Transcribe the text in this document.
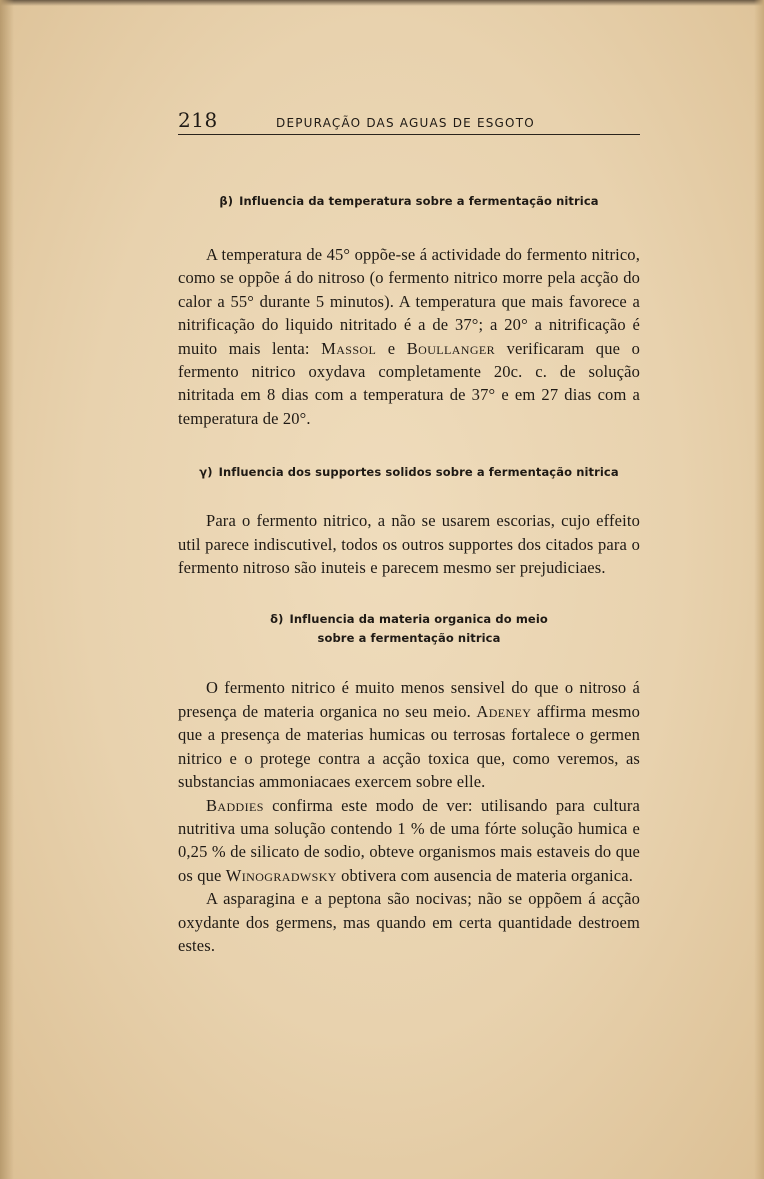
218	DEPURAÇÃO DAS AGUAS DE ESGOTO
β) Influencia da temperatura sobre a fermentação nitrica

A temperatura de 45° oppõe-se á actividade do fermento nitrico, como se oppõe á do nitroso (o fermento nitrico morre pela acção do calor a 55° durante 5 minutos). A temperatura que mais favorece a nitrificação do liquido nitritado é a de 37°; a 20° a nitrificação é muito mais lenta: Massol e Boullanger verificaram que o fermento nitrico oxydava completamente 20c. c. de solução nitritada em 8 dias com a temperatura de 37° e em 27 dias com a temperatura de 20°.

γ) Influencia dos supportes solidos sobre a fermentação nitrica

Para o fermento nitrico, a não se usarem escorias, cujo effeito util parece indiscutivel, todos os outros supportes dos citados para o fermento nitroso são inuteis e parecem mesmo ser prejudiciaes.

δ) Influencia da materia organica do meio
sobre a fermentação nitrica

O fermento nitrico é muito menos sensivel do que o nitroso á presença de materia organica no seu meio. Adeney affirma mesmo que a presença de materias humicas ou terrosas fortalece o germen nitrico e o protege contra a acção toxica que, como veremos, as substancias ammoniacaes exercem sobre elle.

Baddies confirma este modo de ver: utilisando para cultura nutritiva uma solução contendo 1 % de uma fórte solução humica e 0,25 % de silicato de sodio, obteve organismos mais estaveis do que os que Winogradwsky obtivera com ausencia de materia organica.

A asparagina e a peptona são nocivas; não se oppõem á acção oxydante dos germens, mas quando em certa quantidade destroem estes.
